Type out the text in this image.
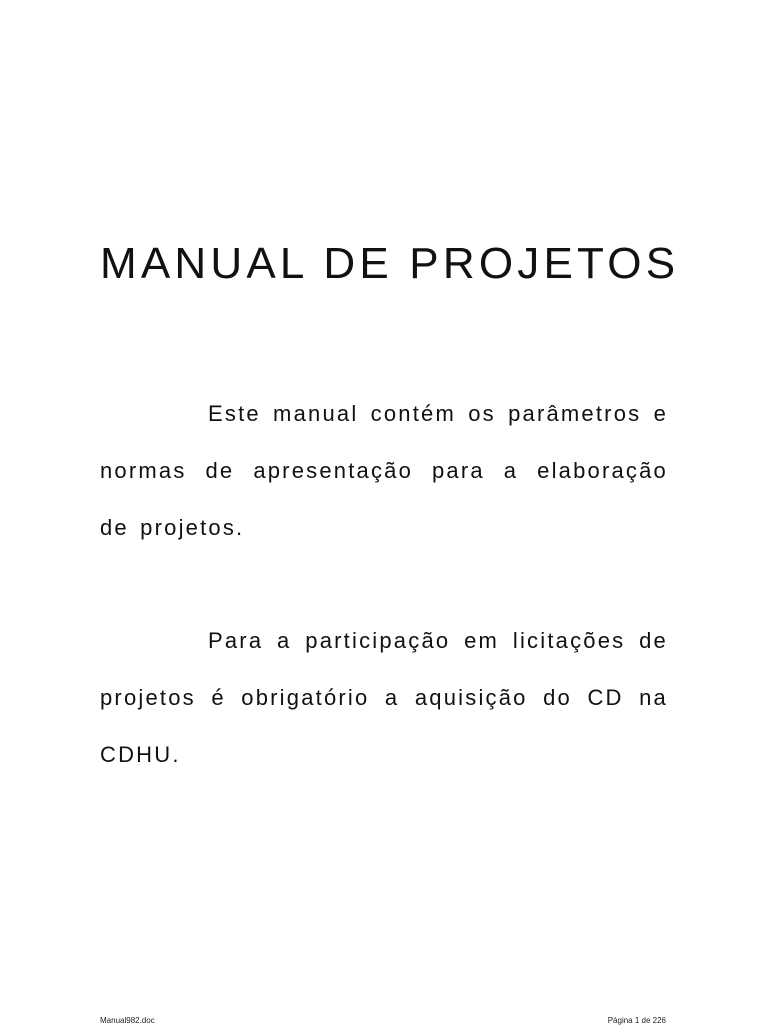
MANUAL DE PROJETOS

Este manual contém os parâmetros e normas de apresentação para a elaboração de projetos.

Para a participação em licitações de projetos é obrigatório a aquisição do CD na CDHU.

Manual982.doc	Página 1 de 226
